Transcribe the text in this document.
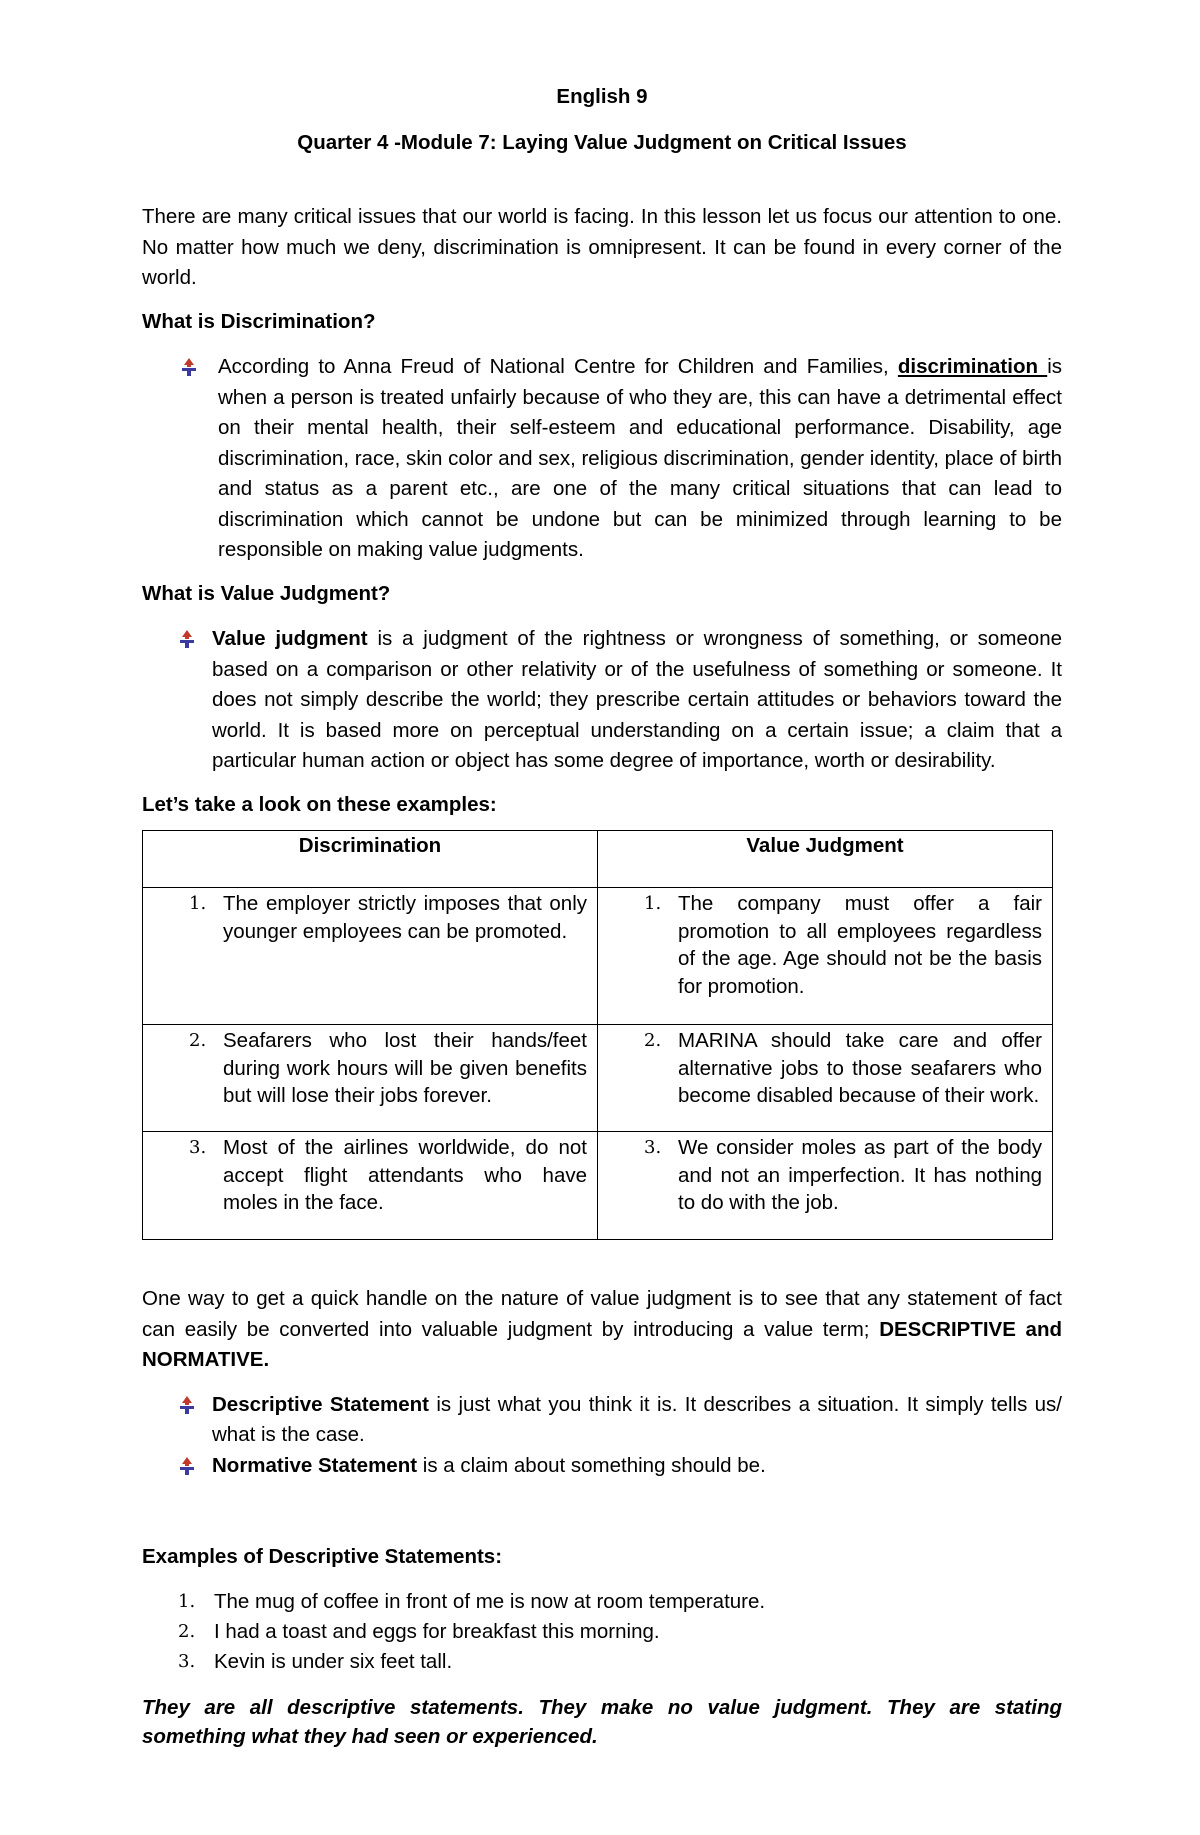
English 9
Quarter 4 -Module 7: Laying Value Judgment on Critical Issues

There are many critical issues that our world is facing. In this lesson let us focus our attention to one. No matter how much we deny, discrimination is omnipresent. It can be found in every corner of the world.

What is Discrimination?

According to Anna Freud of National Centre for Children and Families, discrimination is when a person is treated unfairly because of who they are, this can have a detrimental effect on their mental health, their self-esteem and educational performance. Disability, age discrimination, race, skin color and sex, religious discrimination, gender identity, place of birth and status as a parent etc., are one of the many critical situations that can lead to discrimination which cannot be undone but can be minimized through learning to be responsible on making value judgments.

What is Value Judgment?

Value judgment is a judgment of the rightness or wrongness of something, or someone based on a comparison or other relativity or of the usefulness of something or someone. It does not simply describe the world; they prescribe certain attitudes or behaviors toward the world. It is based more on perceptual understanding on a certain issue; a claim that a particular human action or object has some degree of importance, worth or desirability.

Let’s take a look on these examples:

Discrimination	Value Judgment

1. The employer strictly imposes that only younger employees can be promoted.	1. The company must offer a fair promotion to all employees regardless of the age. Age should not be the basis for promotion.

2. Seafarers who lost their hands/feet during work hours will be given benefits but will lose their jobs forever.	2. MARINA should take care and offer alternative jobs to those seafarers who become disabled because of their work.

3. Most of the airlines worldwide, do not accept flight attendants who have moles in the face.	3. We consider moles as part of the body and not an imperfection. It has nothing to do with the job.

One way to get a quick handle on the nature of value judgment is to see that any statement of fact can easily be converted into valuable judgment by introducing a value term; DESCRIPTIVE and NORMATIVE.

Descriptive Statement is just what you think it is. It describes a situation. It simply tells us/ what is the case.

Normative Statement is a claim about something should be.

Examples of Descriptive Statements:

1. The mug of coffee in front of me is now at room temperature.
2. I had a toast and eggs for breakfast this morning.
3. Kevin is under six feet tall.

They are all descriptive statements. They make no value judgment. They are stating something what they had seen or experienced.
